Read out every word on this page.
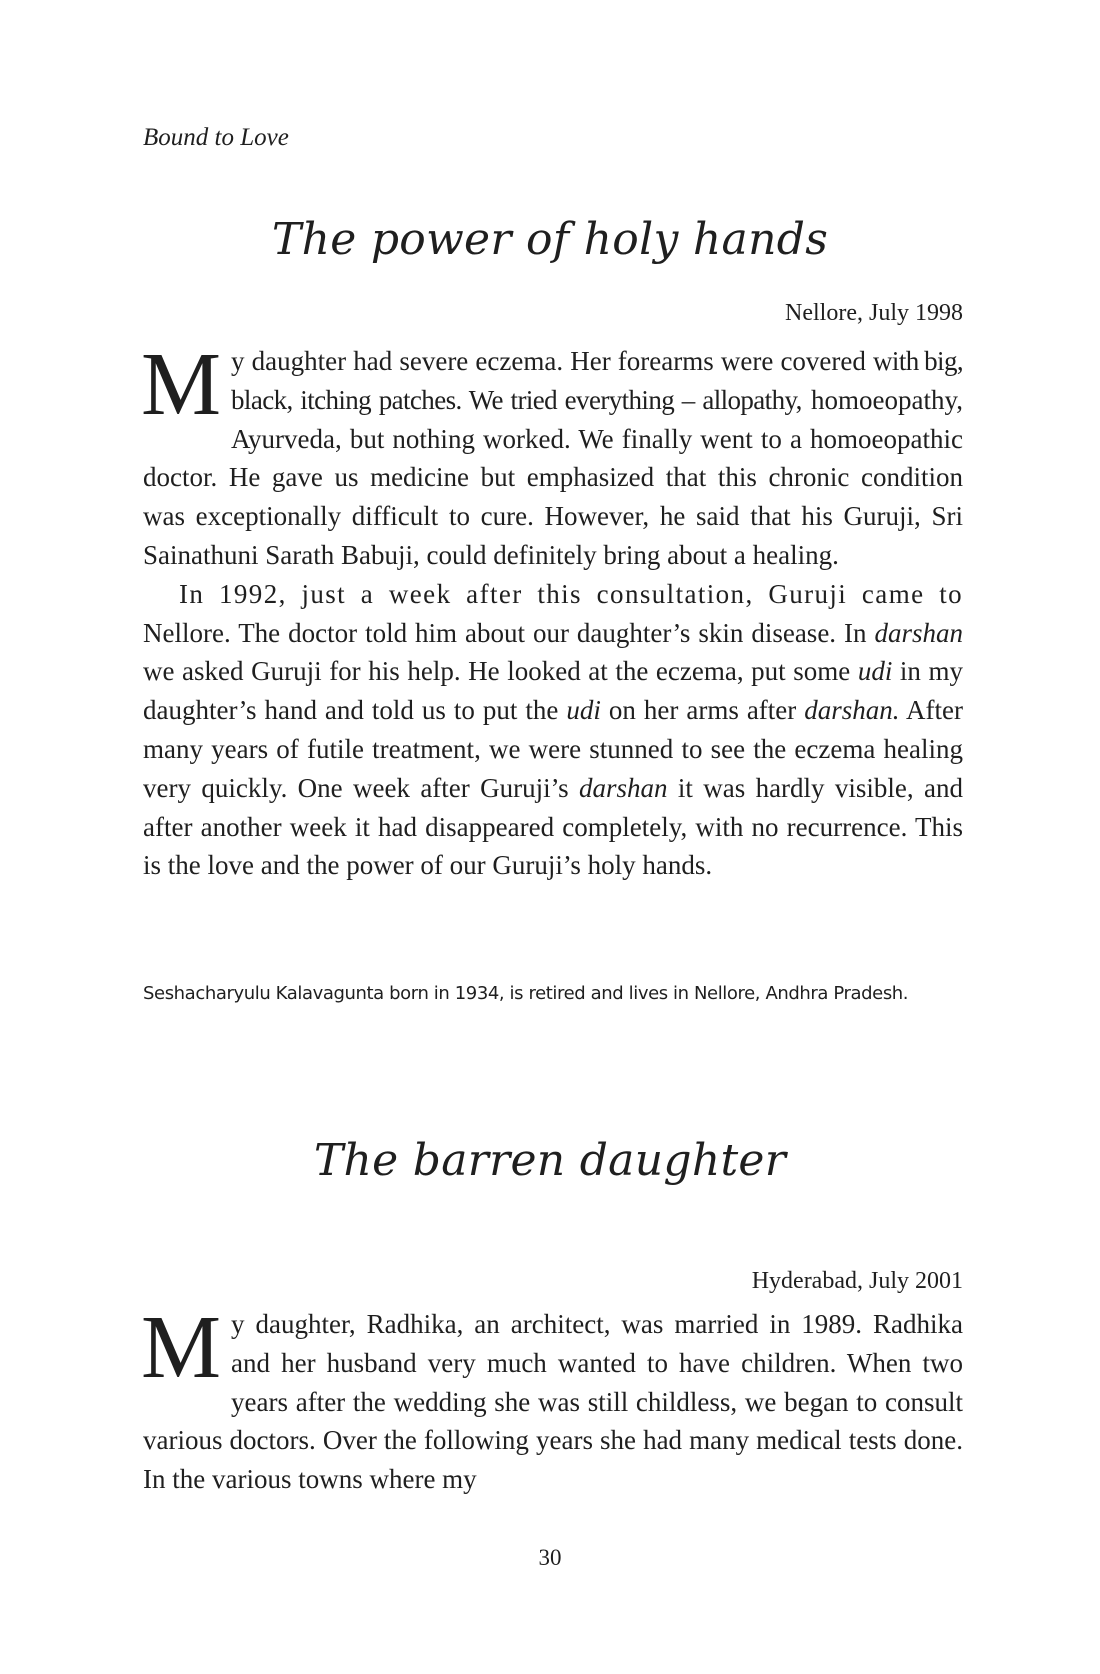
Bound to Love
The power of holy hands
Nellore, July 1998

My daughter had severe eczema. Her forearms were covered with big, black, itching patches. We tried everything – allopathy, homoeopathy, Ayurveda, but nothing worked. We finally went to a homoeopathic doctor. He gave us medicine but emphasized that this chronic condition was exceptionally difficult to cure. However, he said that his Guruji, Sri Sainathuni Sarath Babuji, could definitely bring about a healing.

In 1992, just a week after this consultation, Guruji came to Nellore. The doctor told him about our daughter’s skin disease. In darshan we asked Guruji for his help. He looked at the eczema, put some udi in my daughter’s hand and told us to put the udi on her arms after darshan. After many years of futile treatment, we were stunned to see the eczema healing very quickly. One week after Guruji’s darshan it was hardly visible, and after another week it had disappeared completely, with no recurrence. This is the love and the power of our Guruji’s holy hands.

Seshacharyulu Kalavagunta born in 1934, is retired and lives in Nellore, Andhra Pradesh.
The barren daughter
Hyderabad, July 2001

My daughter, Radhika, an architect, was married in 1989. Radhika and her husband very much wanted to have children. When two years after the wedding she was still childless, we began to consult various doctors. Over the following years she had many medical tests done. In the various towns where my

30
